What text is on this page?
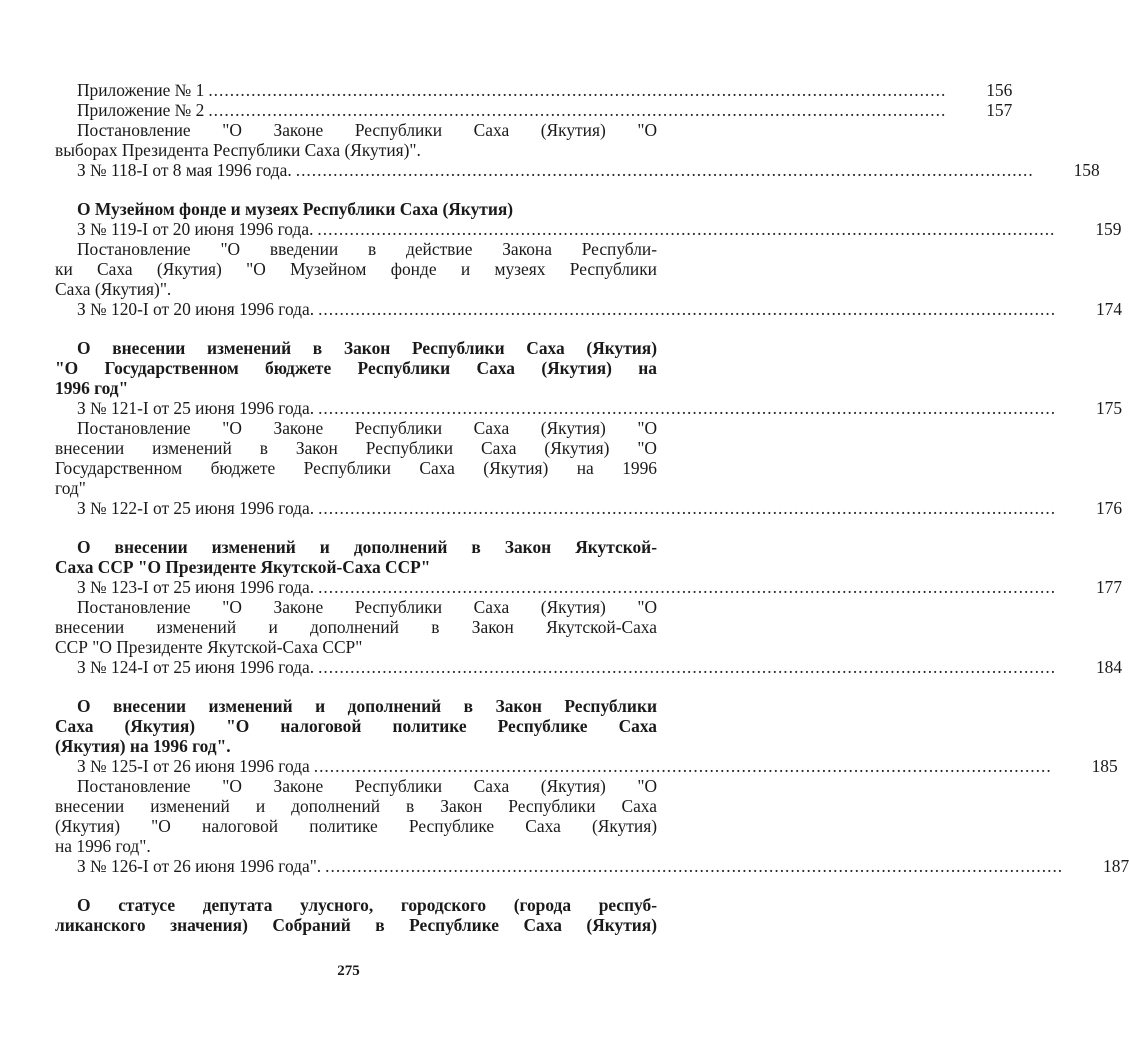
Приложение № 1 ..........................................................................................................................................	156
Приложение № 2 ..........................................................................................................................................	157
Постановление "О Законе Республики Саха (Якутия) "О
выборах Президента Республики Саха (Якутия)".
З № 118-I от 8 мая 1996 года. ..........................................................................................................................................	158
О Музейном фонде и музеях Республики Саха (Якутия)
З № 119-I от 20 июня 1996 года. ..........................................................................................................................................	159
Постановление "О введении в действие Закона Республи-
ки Саха (Якутия) "О Музейном фонде и музеях Республики
Саха (Якутия)".
З № 120-I от 20 июня 1996 года. ..........................................................................................................................................	174
О внесении изменений в Закон Республики Саха (Якутия)
"О Государственном бюджете Республики Саха (Якутия) на
1996 год"
З № 121-I от 25 июня 1996 года. ..........................................................................................................................................	175
Постановление "О Законе Республики Саха (Якутия) "О
внесении изменений в Закон Республики Саха (Якутия) "О
Государственном бюджете Республики Саха (Якутия) на 1996
год"
З № 122-I от 25 июня 1996 года. ..........................................................................................................................................	176
О внесении изменений и дополнений в Закон Якутской-
Саха ССР "О Президенте Якутской-Саха ССР"
З № 123-I от 25 июня 1996 года. ..........................................................................................................................................	177
Постановление "О Законе Республики Саха (Якутия) "О
внесении изменений и дополнений в Закон Якутской-Саха
ССР "О Президенте Якутской-Саха ССР"
З № 124-I от 25 июня 1996 года. ..........................................................................................................................................	184
О внесении изменений и дополнений в Закон Республики
Саха (Якутия) "О налоговой политике Республике Саха
(Якутия) на 1996 год".
З № 125-I от 26 июня 1996 года ..........................................................................................................................................	185
Постановление "О Законе Республики Саха (Якутия) "О
внесении изменений и дополнений в Закон Республики Саха
(Якутия) "О налоговой политике Республике Саха (Якутия)
на 1996 год".
З № 126-I от 26 июня 1996 года". ..........................................................................................................................................	187
О статусе депутата улусного, городского (города респуб-
ликанского значения) Собраний в Республике Саха (Якутия)
275
